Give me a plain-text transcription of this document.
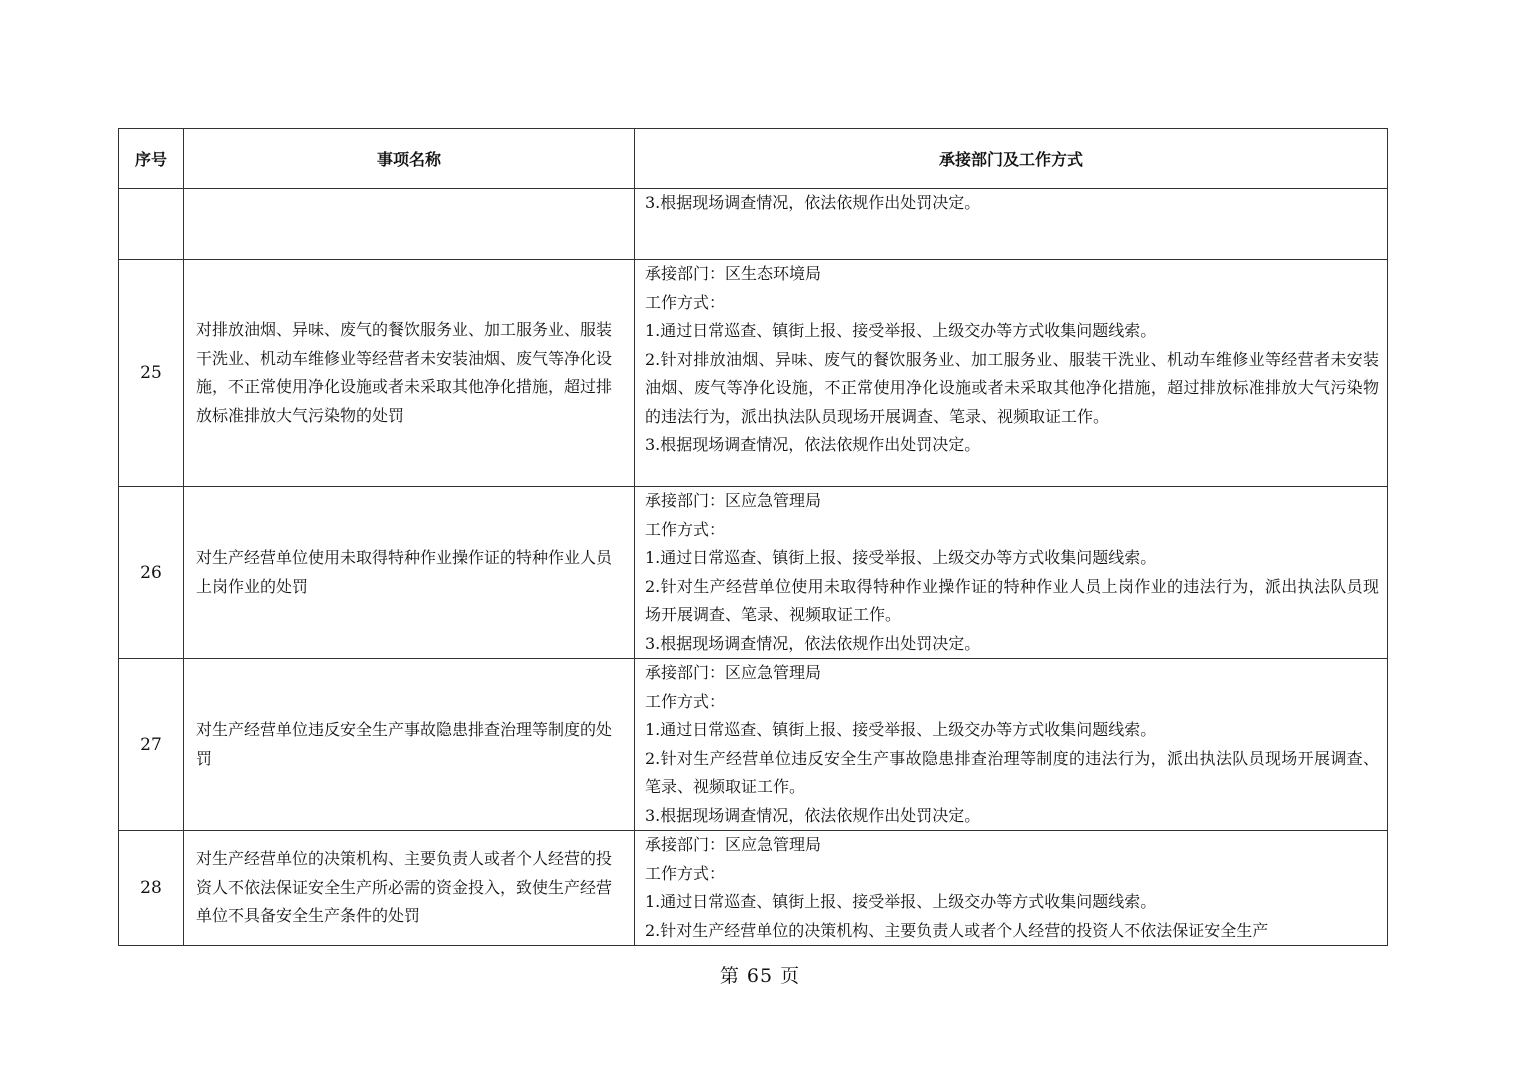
序号	事项名称	承接部门及工作方式

		3.根据现场调查情况，依法依规作出处罚决定。

25	对排放油烟、异味、废气的餐饮服务业、加工服务业、服装干洗业、机动车维修业等经营者未安装油烟、废气等净化设施，不正常使用净化设施或者未采取其他净化措施，超过排放标准排放大气污染物的处罚	承接部门：区生态环境局
工作方式：
1.通过日常巡查、镇街上报、接受举报、上级交办等方式收集问题线索。
2.针对排放油烟、异味、废气的餐饮服务业、加工服务业、服装干洗业、机动车维修业等经营者未安装油烟、废气等净化设施，不正常使用净化设施或者未采取其他净化措施，超过排放标准排放大气污染物的违法行为，派出执法队员现场开展调查、笔录、视频取证工作。
3.根据现场调查情况，依法依规作出处罚决定。

26	对生产经营单位使用未取得特种作业操作证的特种作业人员上岗作业的处罚	承接部门：区应急管理局
工作方式：
1.通过日常巡查、镇街上报、接受举报、上级交办等方式收集问题线索。
2.针对生产经营单位使用未取得特种作业操作证的特种作业人员上岗作业的违法行为，派出执法队员现场开展调查、笔录、视频取证工作。
3.根据现场调查情况，依法依规作出处罚决定。

27	对生产经营单位违反安全生产事故隐患排查治理等制度的处罚	承接部门：区应急管理局
工作方式：
1.通过日常巡查、镇街上报、接受举报、上级交办等方式收集问题线索。
2.针对生产经营单位违反安全生产事故隐患排查治理等制度的违法行为，派出执法队员现场开展调查、笔录、视频取证工作。
3.根据现场调查情况，依法依规作出处罚决定。

28	对生产经营单位的决策机构、主要负责人或者个人经营的投资人不依法保证安全生产所必需的资金投入，致使生产经营单位不具备安全生产条件的处罚	承接部门：区应急管理局
工作方式：
1.通过日常巡查、镇街上报、接受举报、上级交办等方式收集问题线索。
2.针对生产经营单位的决策机构、主要负责人或者个人经营的投资人不依法保证安全生产
第 65 页
